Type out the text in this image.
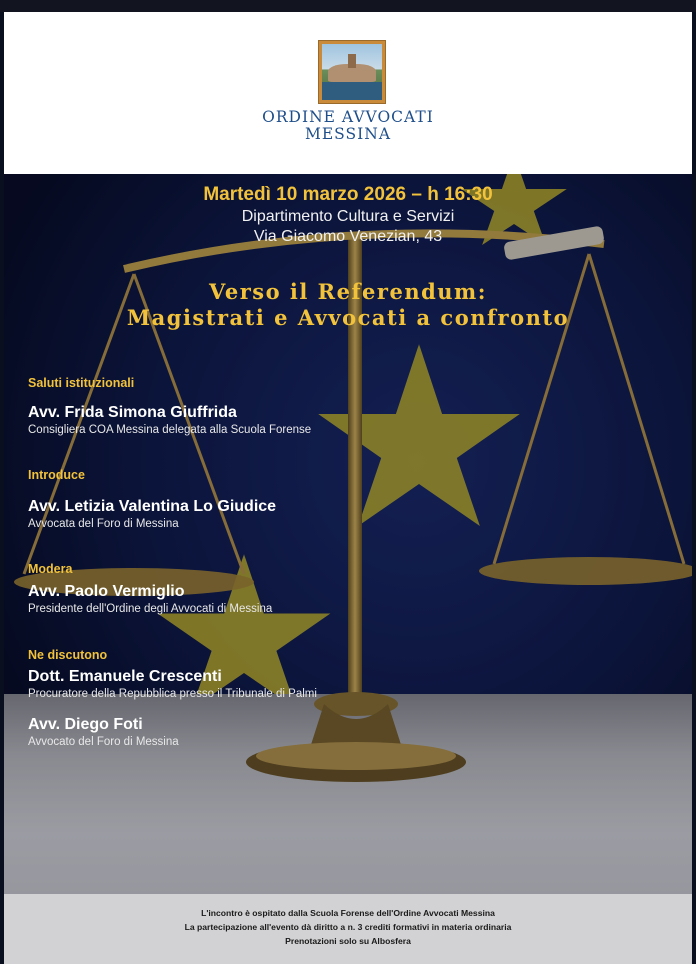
ORDINE AVVOCATI
MESSINA
Martedì 10 marzo 2026 – h 16:30
Dipartimento Cultura e Servizi
Via Giacomo Venezian, 43
Verso il Referendum:
Magistrati e Avvocati a confronto
Saluti istituzionali
Avv. Frida Simona Giuffrida
Consigliera COA Messina delegata alla Scuola Forense
Introduce
Avv. Letizia Valentina Lo Giudice
Avvocata del Foro di Messina
Modera
Avv. Paolo Vermiglio
Presidente dell'Ordine degli Avvocati di Messina
Ne discutono
Dott. Emanuele Crescenti
Procuratore della Repubblica presso il Tribunale di Palmi
Avv. Diego Foti
Avvocato del Foro di Messina
L'incontro è ospitato dalla Scuola Forense dell'Ordine Avvocati Messina
La partecipazione all'evento dà diritto a n. 3 crediti formativi in materia ordinaria
Prenotazioni solo su Albosfera
